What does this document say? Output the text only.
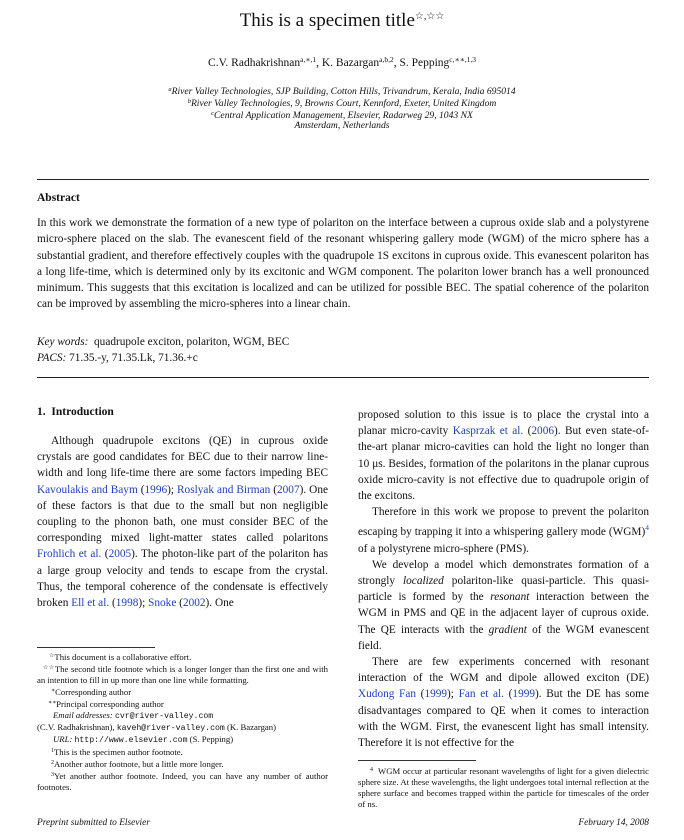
This is a specimen title☆,☆☆
C.V. Radhakrishnan$^{a,∗,1}$, K. Bazargan$^{a,b,2}$, S. Pepping$^{c,∗∗,1,3}$
$^a$River Valley Technologies, SJP Building, Cotton Hills, Trivandrum, Kerala, India 695014
$^b$River Valley Technologies, 9, Browns Court, Kennford, Exeter, United Kingdom
$^c$Central Application Management, Elsevier, Radarweg 29, 1043 NX
Amsterdam, Netherlands
Abstract
In this work we demonstrate the formation of a new type of polariton on the interface between a cuprous oxide slab and a polystyrene micro-sphere placed on the slab. The evanescent field of the resonant whispering gallery mode (WGM) of the micro sphere has a substantial gradient, and therefore effectively couples with the quadrupole 1S excitons in cuprous oxide. This evanescent polariton has a long life-time, which is determined only by its excitonic and WGM component. The polariton lower branch has a well pronounced minimum. This suggests that this excitation is localized and can be utilized for possible BEC. The spatial coherence of the polariton can be improved by assembling the micro-spheres into a linear chain.
Key words: quadrupole exciton, polariton, WGM, BEC
PACS: 71.35.-y, 71.35.Lk, 71.36.+c
1. Introduction

Although quadrupole excitons (QE) in cuprous oxide crystals are good candidates for BEC due to their narrow line-width and long life-time there are some factors impeding BEC Kavoulakis and Baym (1996); Roslyak and Birman (2007). One of these factors is that due to the small but non negligible coupling to the phonon bath, one must consider BEC of the corresponding mixed light-matter states called polaritons Frohlich et al. (2005). The photon-like part of the polariton has a large group velocity and tends to escape from the crystal. Thus, the temporal coherence of the condensate is effectively broken Ell et al. (1998); Snoke (2002). One

☆This document is a collaborative effort.

☆☆The second title footnote which is a longer longer than the first one and with an intention to fill in up more than one line while formatting.

∗Corresponding author

∗∗Principal corresponding author

Email addresses: cvr@river-valley.com

(C.V. Radhakrishnan), kaveh@river-valley.com (K. Bazargan)

URL: http://www.elsevier.com (S. Pepping)

$^1$This is the specimen author footnote.

$^2$Another author footnote, but a little more longer.

$^3$Yet another author footnote. Indeed, you can have any number of author footnotes.

proposed solution to this issue is to place the crystal into a planar micro-cavity Kasprzak et al. (2006). But even state-of-the-art planar micro-cavities can hold the light no longer than 10 μs. Besides, formation of the polaritons in the planar cuprous oxide micro-cavity is not effective due to quadrupole origin of the excitons.

Therefore in this work we propose to prevent the polariton escaping by trapping it into a whispering gallery mode (WGM)$^4$ of a polystyrene micro-sphere (PMS).

We develop a model which demonstrates formation of a strongly localized polariton-like quasi-particle. This quasi-particle is formed by the resonant interaction between the WGM in PMS and QE in the adjacent layer of cuprous oxide. The QE interacts with the gradient of the WGM evanescent field.

There are few experiments concerned with resonant interaction of the WGM and dipole allowed exciton (DE) Xudong Fan (1999); Fan et al. (1999). But the DE has some disadvantages compared to QE when it comes to interaction with the WGM. First, the evanescent light has small intensity. Therefore it is not effective for the

$^4$ WGM occur at particular resonant wavelengths of light for a given dielectric sphere size. At these wavelengths, the light undergoes total internal reflection at the sphere surface and becomes trapped within the particle for timescales of the order of ns.

Preprint submitted to Elsevier	February 14, 2008
